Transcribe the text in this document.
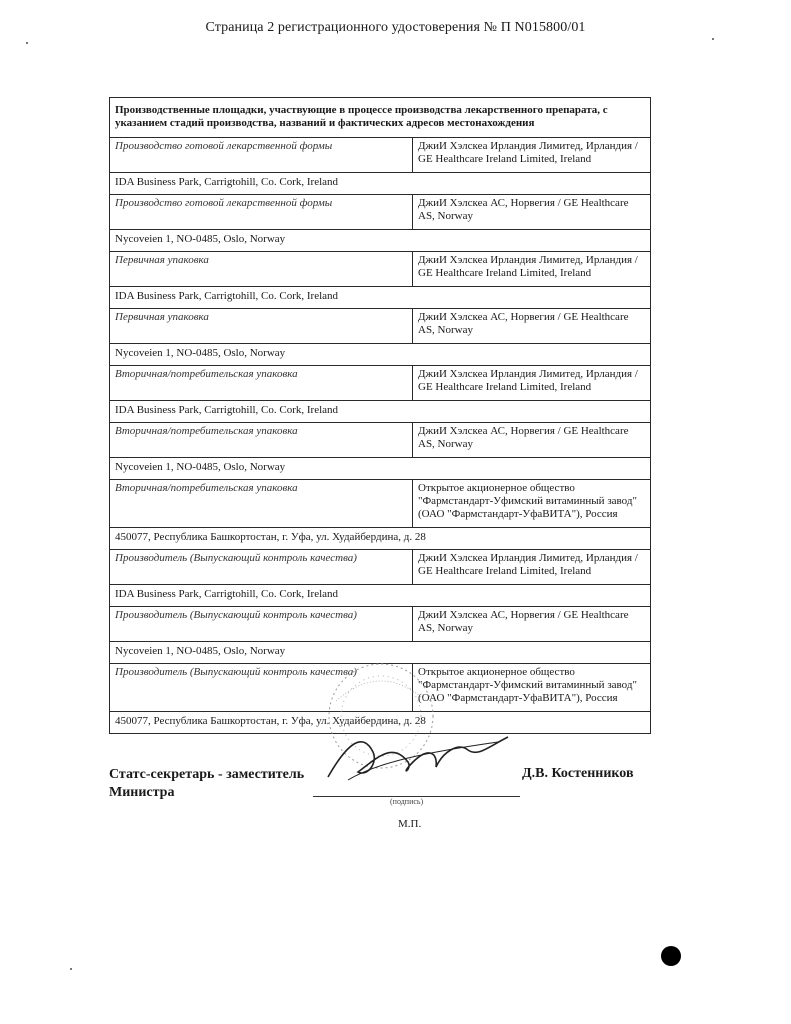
Страница 2 регистрационного удостоверения № П N015800/01
Производственные площадки, участвующие в процессе производства лекарственного препарата, с указанием стадий производства, названий и фактических адресов местонахождения	
Производство готовой лекарственной формы	ДжиИ Хэлскеа Ирландия Лимитед, Ирландия / GE Healthcare Ireland Limited, Ireland
IDA Business Park, Carrigtohill, Co. Cork, Ireland	
Производство готовой лекарственной формы	ДжиИ Хэлскеа АС, Норвегия / GE Healthcare AS, Norway
Nycoveien 1, NO-0485, Oslo, Norway	
Первичная упаковка	ДжиИ Хэлскеа Ирландия Лимитед, Ирландия / GE Healthcare Ireland Limited, Ireland
IDA Business Park, Carrigtohill, Co. Cork, Ireland	
Первичная упаковка	ДжиИ Хэлскеа АС, Норвегия / GE Healthcare AS, Norway
Nycoveien 1, NO-0485, Oslo, Norway	
Вторичная/потребительская упаковка	ДжиИ Хэлскеа Ирландия Лимитед, Ирландия / GE Healthcare Ireland Limited, Ireland
IDA Business Park, Carrigtohill, Co. Cork, Ireland	
Вторичная/потребительская упаковка	ДжиИ Хэлскеа АС, Норвегия / GE Healthcare AS, Norway
Nycoveien 1, NO-0485, Oslo, Norway	
Вторичная/потребительская упаковка	Открытое акционерное общество "Фармстандарт-Уфимский витаминный завод" (ОАО "Фармстандарт-УфаВИТА"), Россия
450077, Республика Башкортостан, г. Уфа, ул. Худайбердина, д. 28	
Производитель (Выпускающий контроль качества)	ДжиИ Хэлскеа Ирландия Лимитед, Ирландия / GE Healthcare Ireland Limited, Ireland
IDA Business Park, Carrigtohill, Co. Cork, Ireland	
Производитель (Выпускающий контроль качества)	ДжиИ Хэлскеа АС, Норвегия / GE Healthcare AS, Norway
Nycoveien 1, NO-0485, Oslo, Norway	
Производитель (Выпускающий контроль качества)	Открытое акционерное общество "Фармстандарт-Уфимский витаминный завод" (ОАО "Фармстандарт-УфаВИТА"), Россия
450077, Республика Башкортостан, г. Уфа, ул. Худайбердина, д. 28	
Статс-секретарь - заместитель Министра
Д.В. Костенников
(подпись)
М.П.
